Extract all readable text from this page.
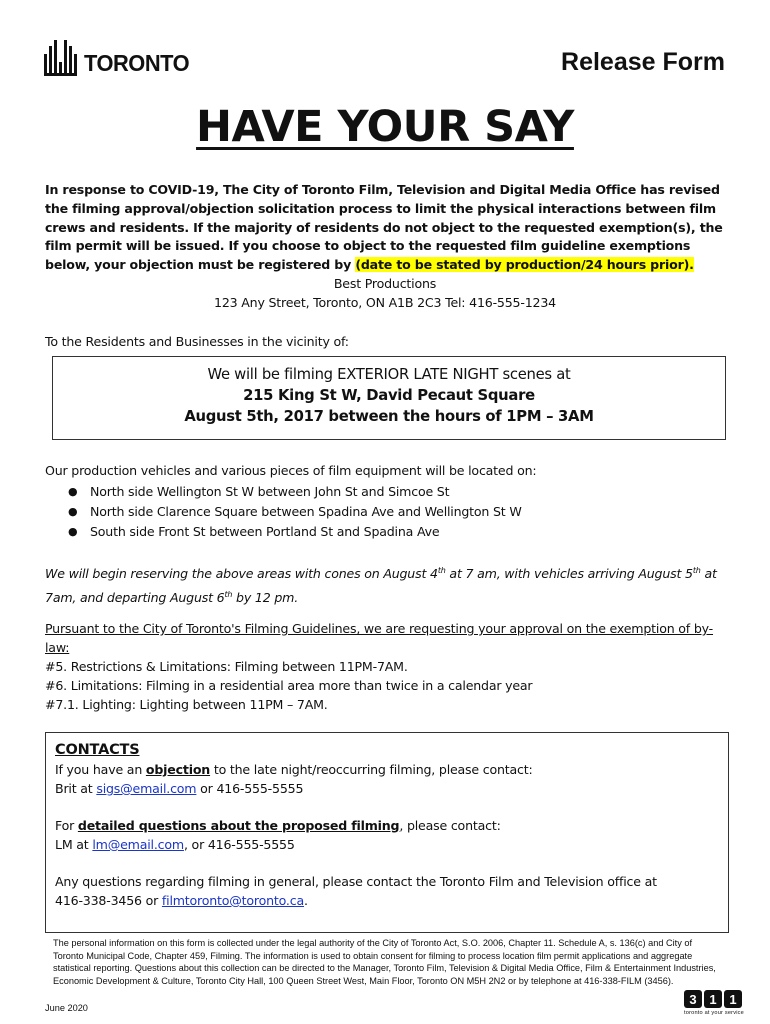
TORONTO	Release Form
HAVE YOUR SAY
In response to COVID-19, The City of Toronto Film, Television and Digital Media Office has revised the filming approval/objection solicitation process to limit the physical interactions between film crews and residents. If the majority of residents do not object to the requested exemption(s), the film permit will be issued. If you choose to object to the requested film guideline exemptions below, your objection must be registered by (date to be stated by production/24 hours prior).
Best Productions
123 Any Street, Toronto, ON A1B 2C3 Tel: 416-555-1234
To the Residents and Businesses in the vicinity of:
We will be filming EXTERIOR LATE NIGHT scenes at
215 King St W, David Pecaut Square
August 5th, 2017 between the hours of 1PM – 3AM
Our production vehicles and various pieces of film equipment will be located on:
● North side Wellington St W between John St and Simcoe St
● North side Clarence Square between Spadina Ave and Wellington St W
● South side Front St between Portland St and Spadina Ave
We will begin reserving the above areas with cones on August 4th at 7 am, with vehicles arriving August 5th at
7am, and departing August 6th by 12 pm.
Pursuant to the City of Toronto's Filming Guidelines, we are requesting your approval on the exemption of by-
law:
#5. Restrictions & Limitations: Filming between 11PM-7AM.
#6. Limitations: Filming in a residential area more than twice in a calendar year
#7.1. Lighting: Lighting between 11PM – 7AM.
CONTACTS
If you have an objection to the late night/reoccurring filming, please contact:
Brit at sigs@email.com or 416-555-5555
For detailed questions about the proposed filming, please contact:
LM at lm@email.com, or 416-555-5555
Any questions regarding filming in general, please contact the Toronto Film and Television office at
416-338-3456 or filmtoronto@toronto.ca.
The personal information on this form is collected under the legal authority of the City of Toronto Act, S.O. 2006, Chapter 11. Schedule A, s. 136(c) and City of Toronto Municipal Code, Chapter 459, Filming. The information is used to obtain consent for filming to process location film permit applications and aggregate statistical reporting. Questions about this collection can be directed to the Manager, Toronto Film, Television & Digital Media Office, Film & Entertainment Industries, Economic Development & Culture, Toronto City Hall, 100 Queen Street West, Main Floor, Toronto ON M5H 2N2 or by telephone at 416-338-FILM (3456).
June 2020
3 1 1
toronto at your service
